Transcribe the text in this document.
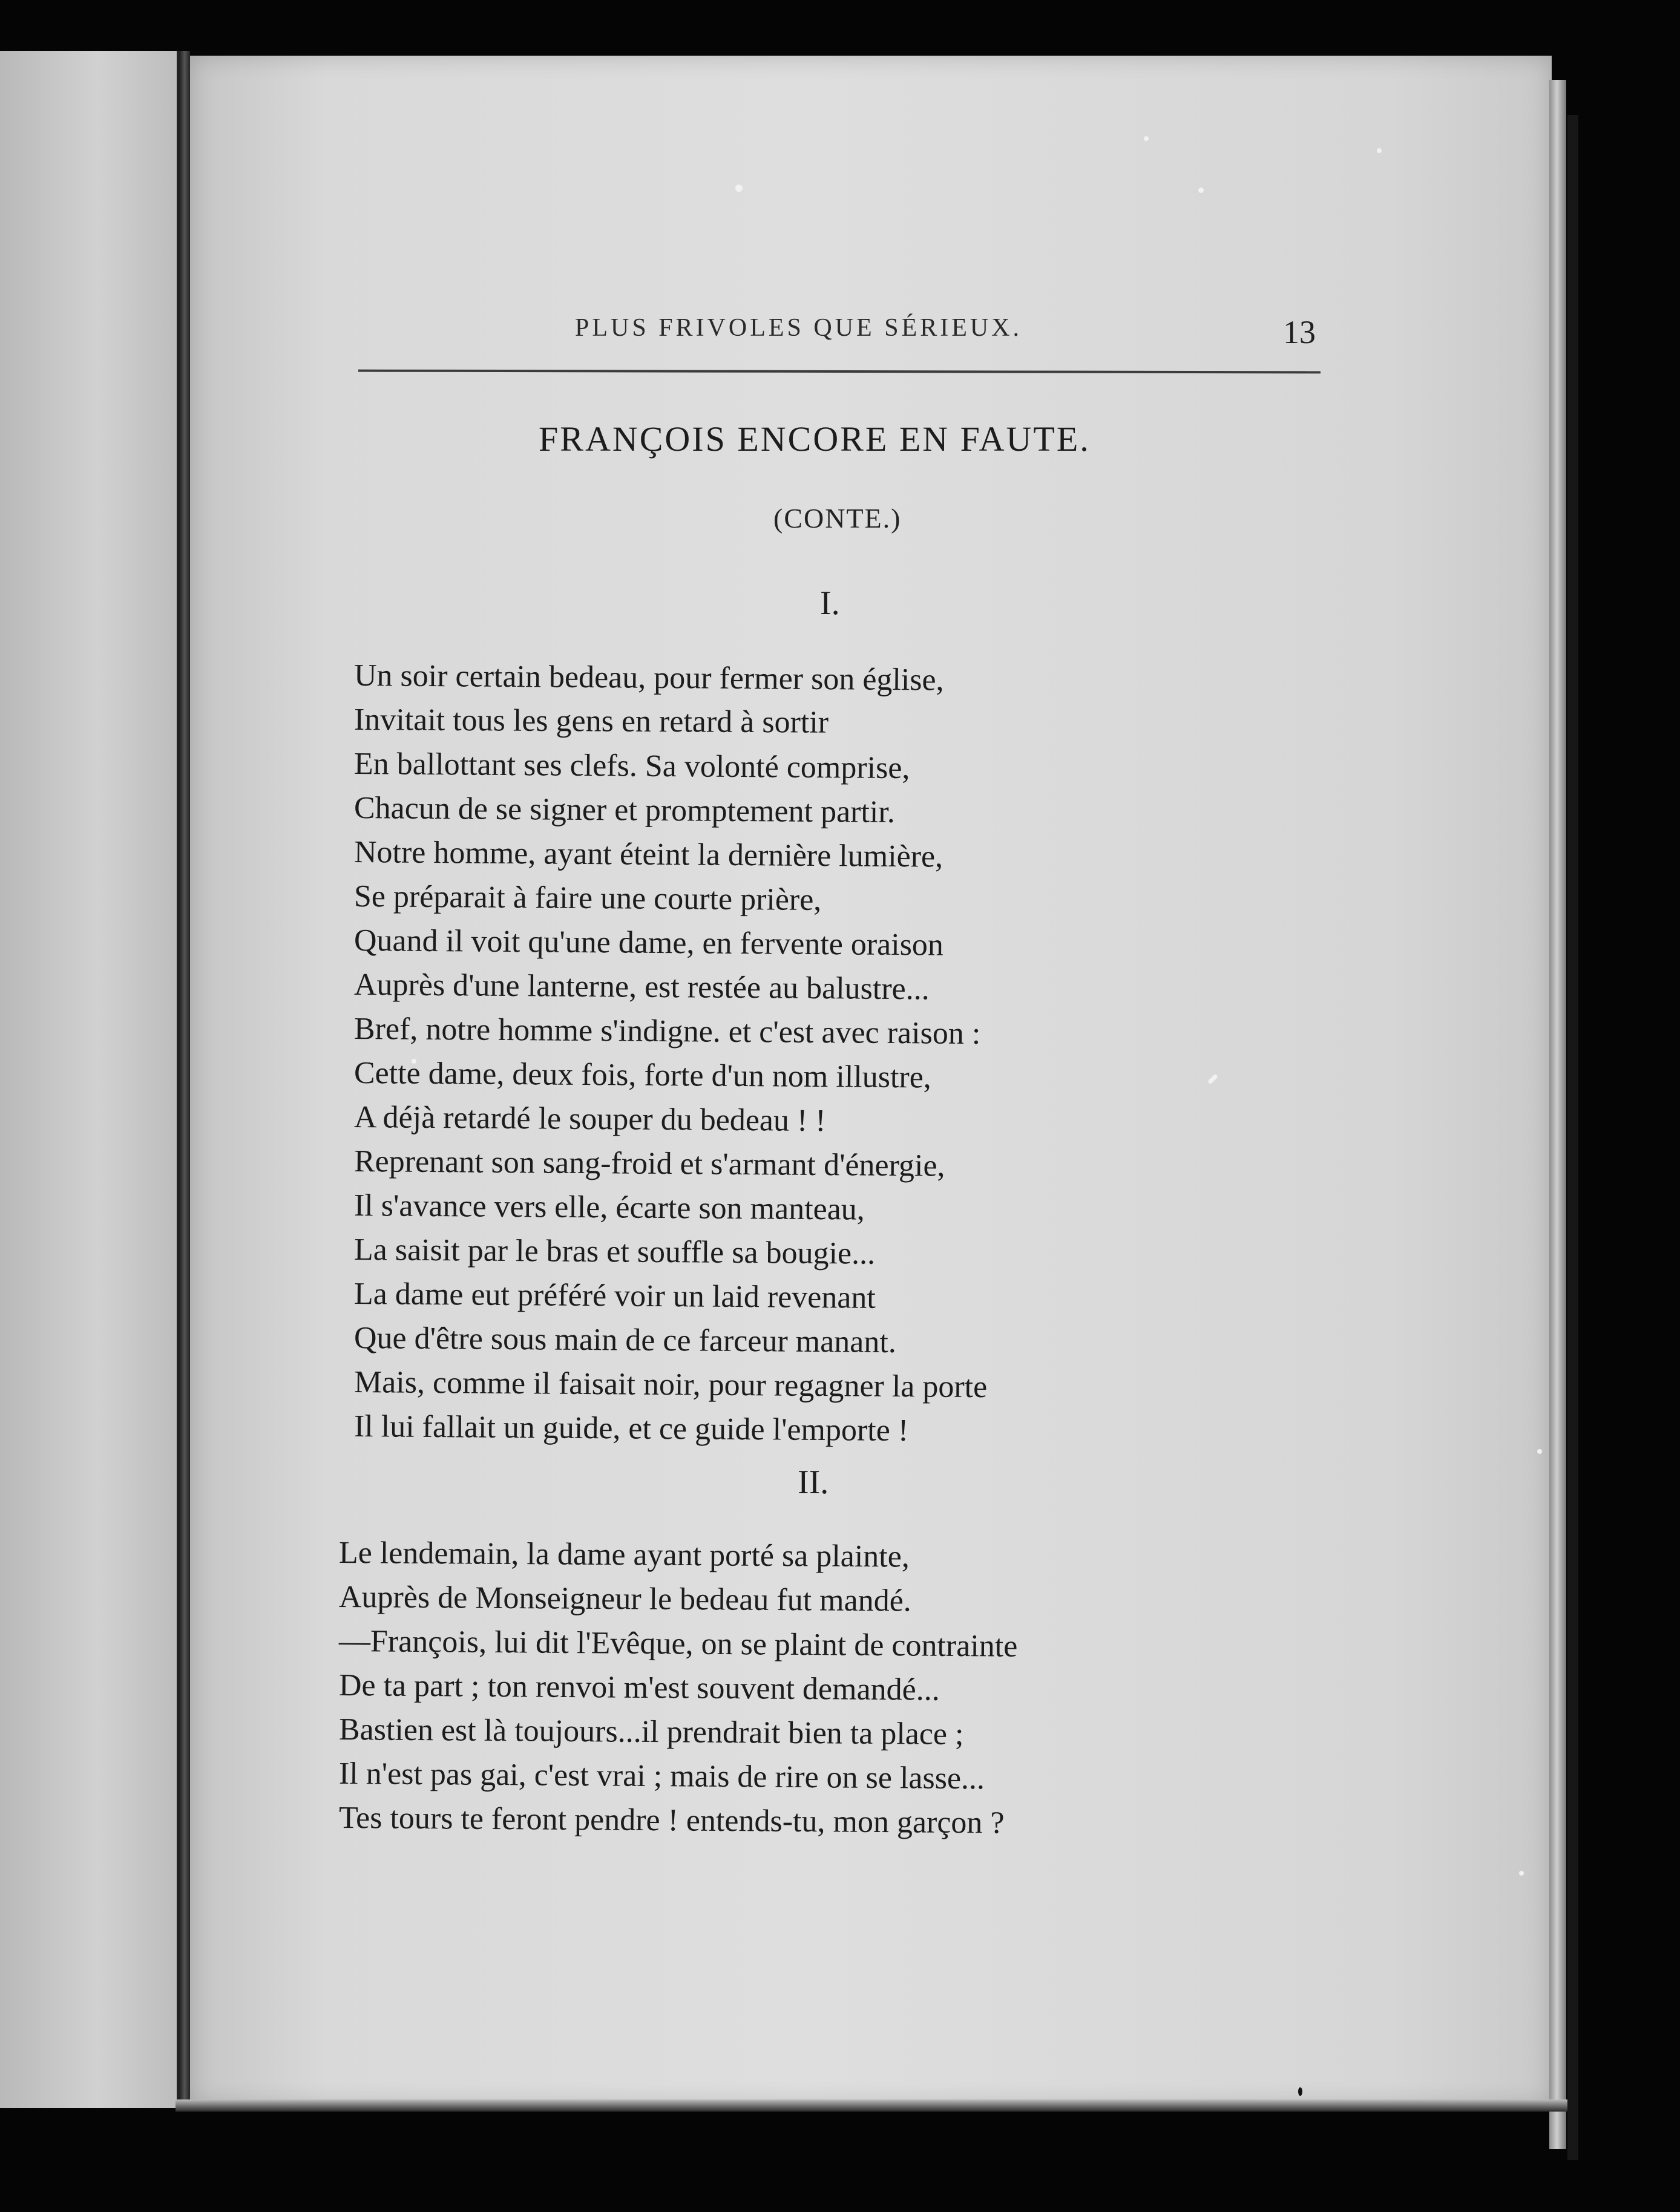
PLUS FRIVOLES QUE SÉRIEUX.	13
FRANÇOIS ENCORE EN FAUTE.
(CONTE.)
I.
Un soir certain bedeau, pour fermer son église,
Invitait tous les gens en retard à sortir
En ballottant ses clefs. Sa volonté comprise,
Chacun de se signer et promptement partir.
Notre homme, ayant éteint la dernière lumière,
Se préparait à faire une courte prière,
Quand il voit qu'une dame, en fervente oraison
Auprès d'une lanterne, est restée au balustre...
Bref, notre homme s'indigne. et c'est avec raison :
Cette dame, deux fois, forte d'un nom illustre,
A déjà retardé le souper du bedeau ! !
Reprenant son sang-froid et s'armant d'énergie,
Il s'avance vers elle, écarte son manteau,
La saisit par le bras et souffle sa bougie...
La dame eut préféré voir un laid revenant
Que d'être sous main de ce farceur manant.
Mais, comme il faisait noir, pour regagner la porte
Il lui fallait un guide, et ce guide l'emporte !
II.
Le lendemain, la dame ayant porté sa plainte,
Auprès de Monseigneur le bedeau fut mandé.
—François, lui dit l'Evêque, on se plaint de contrainte
De ta part ; ton renvoi m'est souvent demandé...
Bastien est là toujours...il prendrait bien ta place ;
Il n'est pas gai, c'est vrai ; mais de rire on se lasse...
Tes tours te feront pendre ! entends-tu, mon garçon ?
